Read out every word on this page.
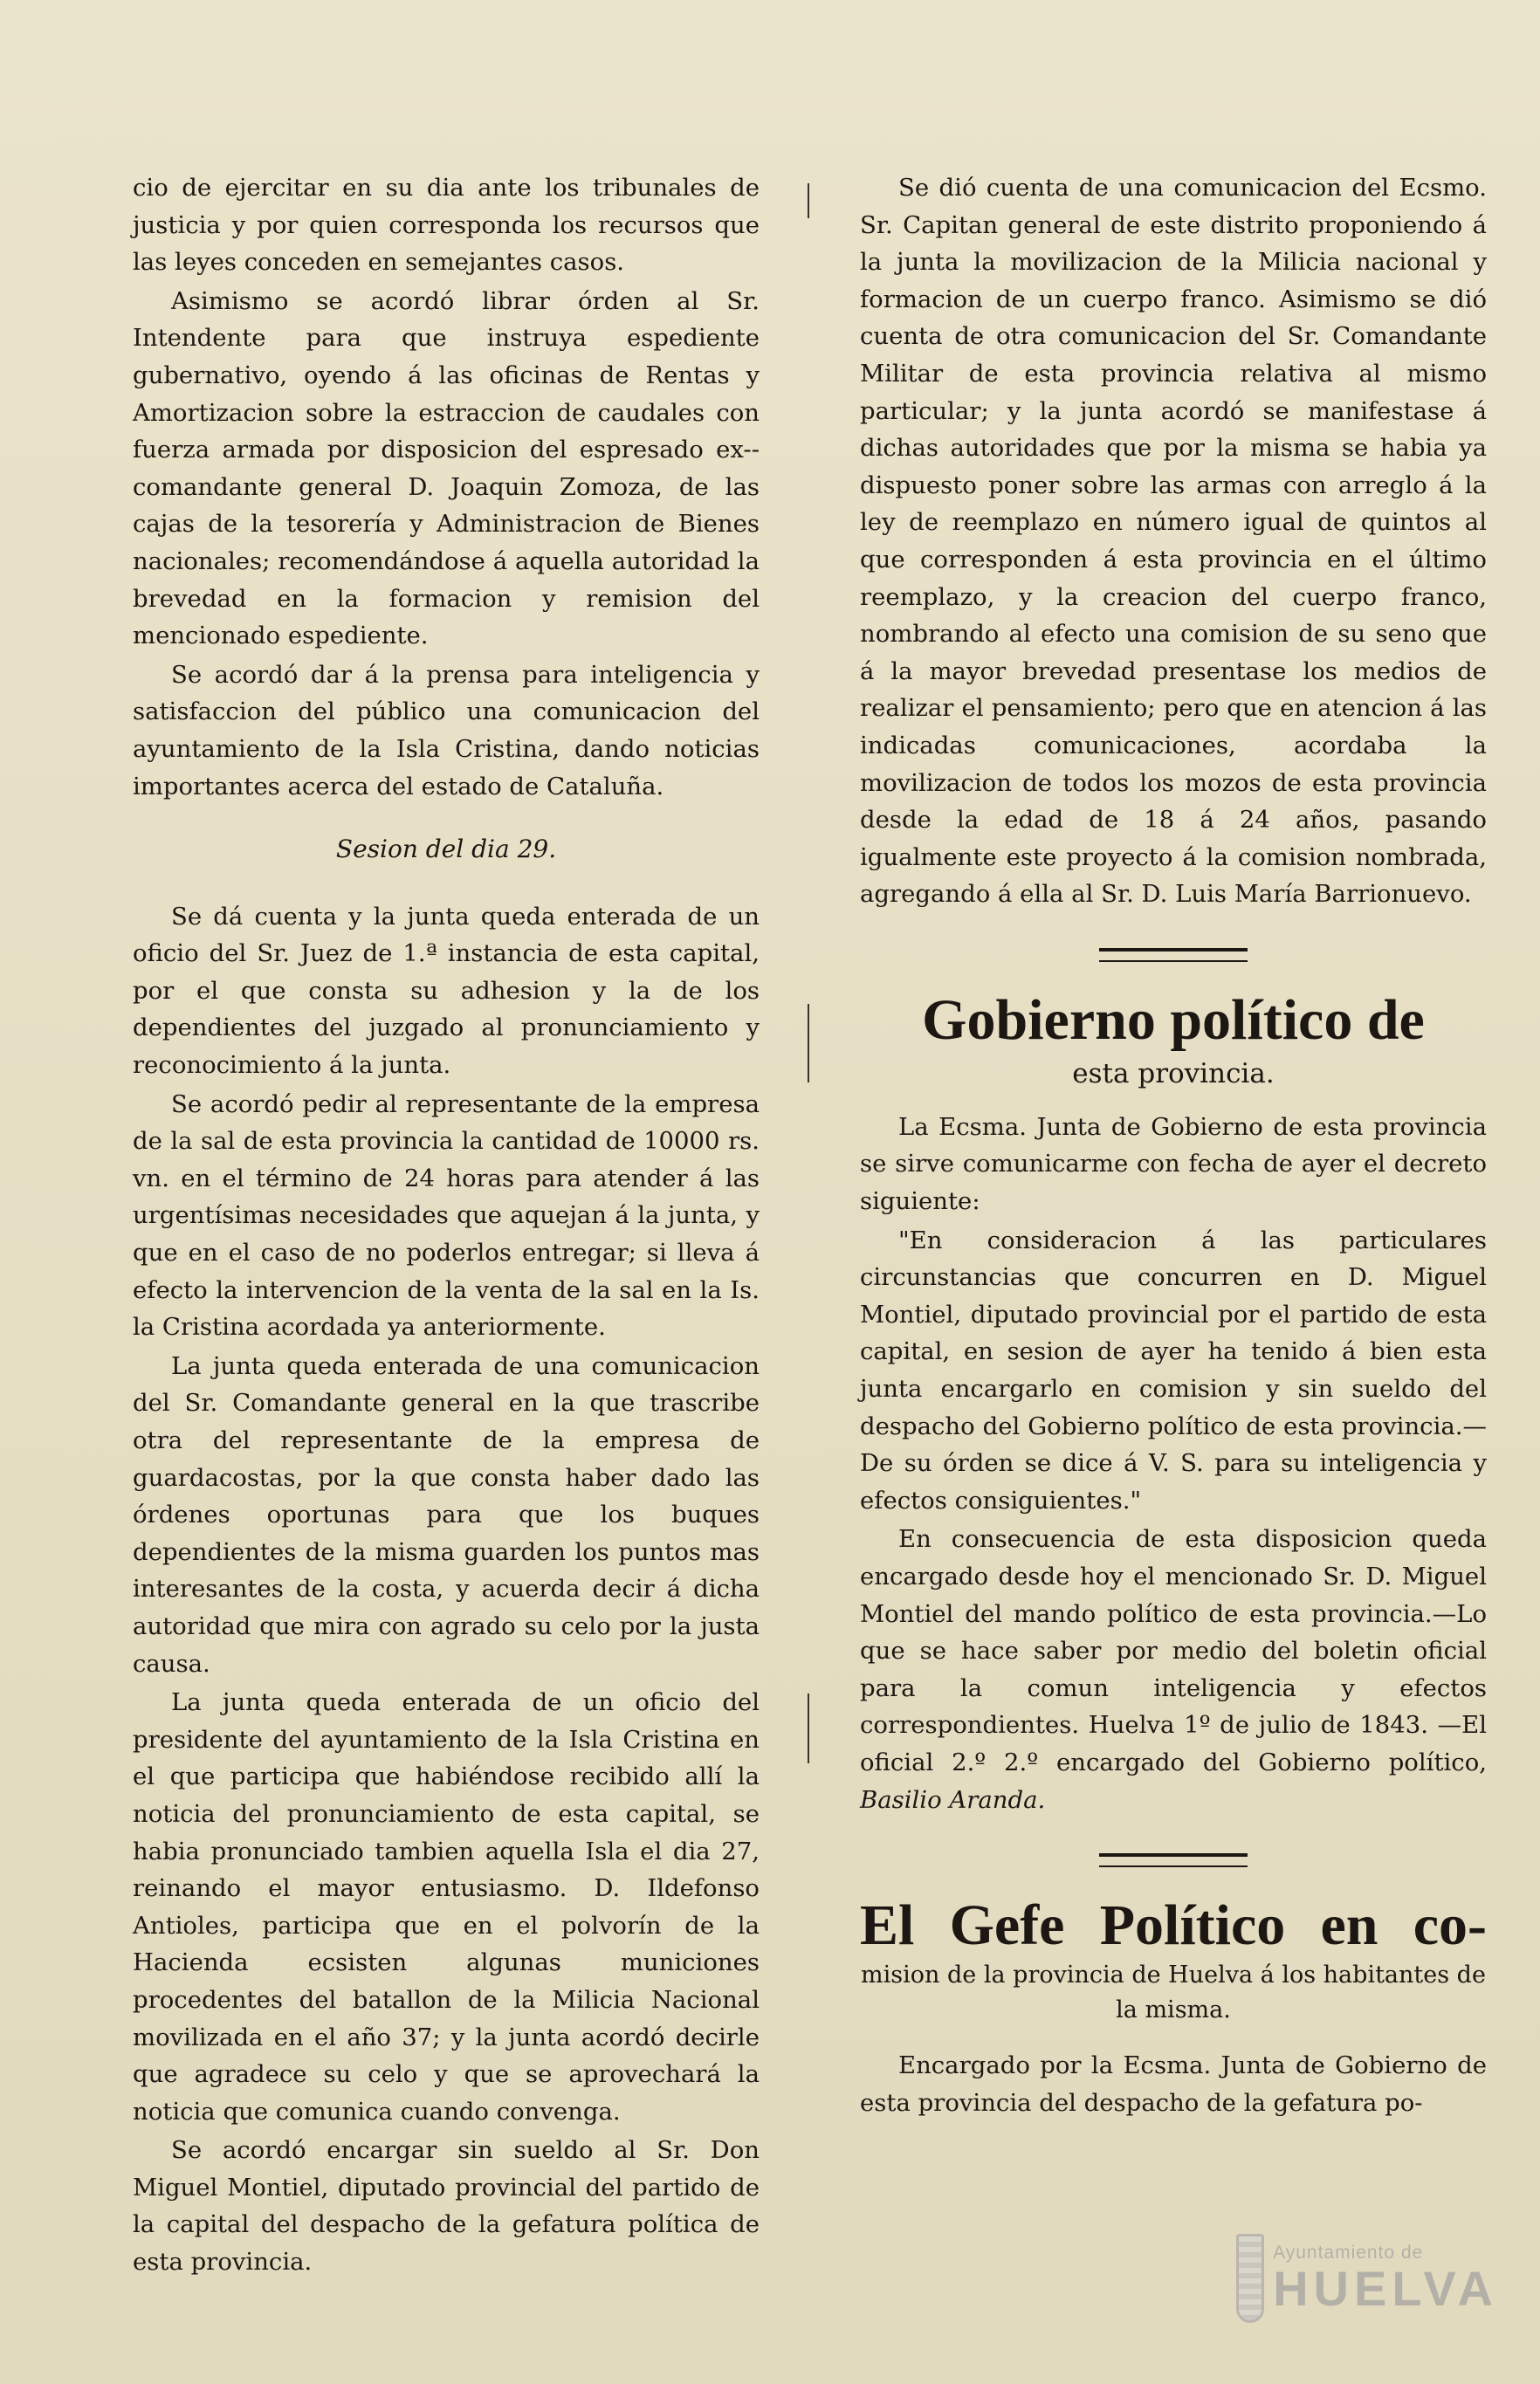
cio de ejercitar en su dia ante los tribunales de justicia y por quien corresponda los recursos que las leyes conceden en semejantes casos.

Asimismo se acordó librar órden al Sr. Intendente para que instruya espediente gubernativo, oyendo á las oficinas de Rentas y Amortizacion sobre la estraccion de caudales con fuerza armada por disposicion del espresado ex--comandante general D. Joaquin Zomoza, de las cajas de la tesorería y Administracion de Bienes nacionales; recomendándose á aquella autoridad la brevedad en la formacion y remision del mencionado espediente.

Se acordó dar á la prensa para inteligencia y satisfaccion del público una comunicacion del ayuntamiento de la Isla Cristina, dando noticias importantes acerca del estado de Cataluña.

Sesion del dia 29.

Se dá cuenta y la junta queda enterada de un oficio del Sr. Juez de 1.ª instancia de esta capital, por el que consta su adhesion y la de los dependientes del juzgado al pronunciamiento y reconocimiento á la junta.

Se acordó pedir al representante de la empresa de la sal de esta provincia la cantidad de 10000 rs. vn. en el término de 24 horas para atender á las urgentísimas necesidades que aquejan á la junta, y que en el caso de no poderlos entregar; si lleva á efecto la intervencion de la venta de la sal en la Is. la Cristina acordada ya anteriormente.

La junta queda enterada de una comunicacion del Sr. Comandante general en la que trascribe otra del representante de la empresa de guardacostas, por la que consta haber dado las órdenes oportunas para que los buques dependientes de la misma guarden los puntos mas interesantes de la costa, y acuerda decir á dicha autoridad que mira con agrado su celo por la justa causa.

La junta queda enterada de un oficio del presidente del ayuntamiento de la Isla Cristina en el que participa que habiéndose recibido allí la noticia del pronunciamiento de esta capital, se habia pronunciado tambien aquella Isla el dia 27, reinando el mayor entusiasmo. D. Ildefonso Antioles, participa que en el polvorín de la Hacienda ecsisten algunas municiones procedentes del batallon de la Milicia Nacional movilizada en el año 37; y la junta acordó decirle que agradece su celo y que se aprovechará la noticia que comunica cuando convenga.

Se acordó encargar sin sueldo al Sr. Don Miguel Montiel, diputado provincial del partido de la capital del despacho de la gefatura política de esta provincia.

Se dió cuenta de una comunicacion del Ecsmo. Sr. Capitan general de este distrito proponiendo á la junta la movilizacion de la Milicia nacional y formacion de un cuerpo franco. Asimismo se dió cuenta de otra comunicacion del Sr. Comandante Militar de esta provincia relativa al mismo particular; y la junta acordó se manifestase á dichas autoridades que por la misma se habia ya dispuesto poner sobre las armas con arreglo á la ley de reemplazo en número igual de quintos al que corresponden á esta provincia en el último reemplazo, y la creacion del cuerpo franco, nombrando al efecto una comision de su seno que á la mayor brevedad presentase los medios de realizar el pensamiento; pero que en atencion á las indicadas comunicaciones, acordaba la movilizacion de todos los mozos de esta provincia desde la edad de 18 á 24 años, pasando igualmente este proyecto á la comision nombrada, agregando á ella al Sr. D. Luis María Barrionuevo.

Gobierno político de
esta provincia.

La Ecsma. Junta de Gobierno de esta provincia se sirve comunicarme con fecha de ayer el decreto siguiente:

"En consideracion á las particulares circunstancias que concurren en D. Miguel Montiel, diputado provincial por el partido de esta capital, en sesion de ayer ha tenido á bien esta junta encargarlo en comision y sin sueldo del despacho del Gobierno político de esta provincia.— De su órden se dice á V. S. para su inteligencia y efectos consiguientes."

En consecuencia de esta disposicion queda encargado desde hoy el mencionado Sr. D. Miguel Montiel del mando político de esta provincia.—Lo que se hace saber por medio del boletin oficial para la comun inteligencia y efectos correspondientes. Huelva 1º de julio de 1843. —El oficial 2.º 2.º encargado del Gobierno político, Basilio Aranda.

El Gefe Político en co-
mision de la provincia de Huelva á los habitantes de la misma.

Encargado por la Ecsma. Junta de Gobierno de esta provincia del despacho de la gefatura po-

Ayuntamiento de
HUELVA
